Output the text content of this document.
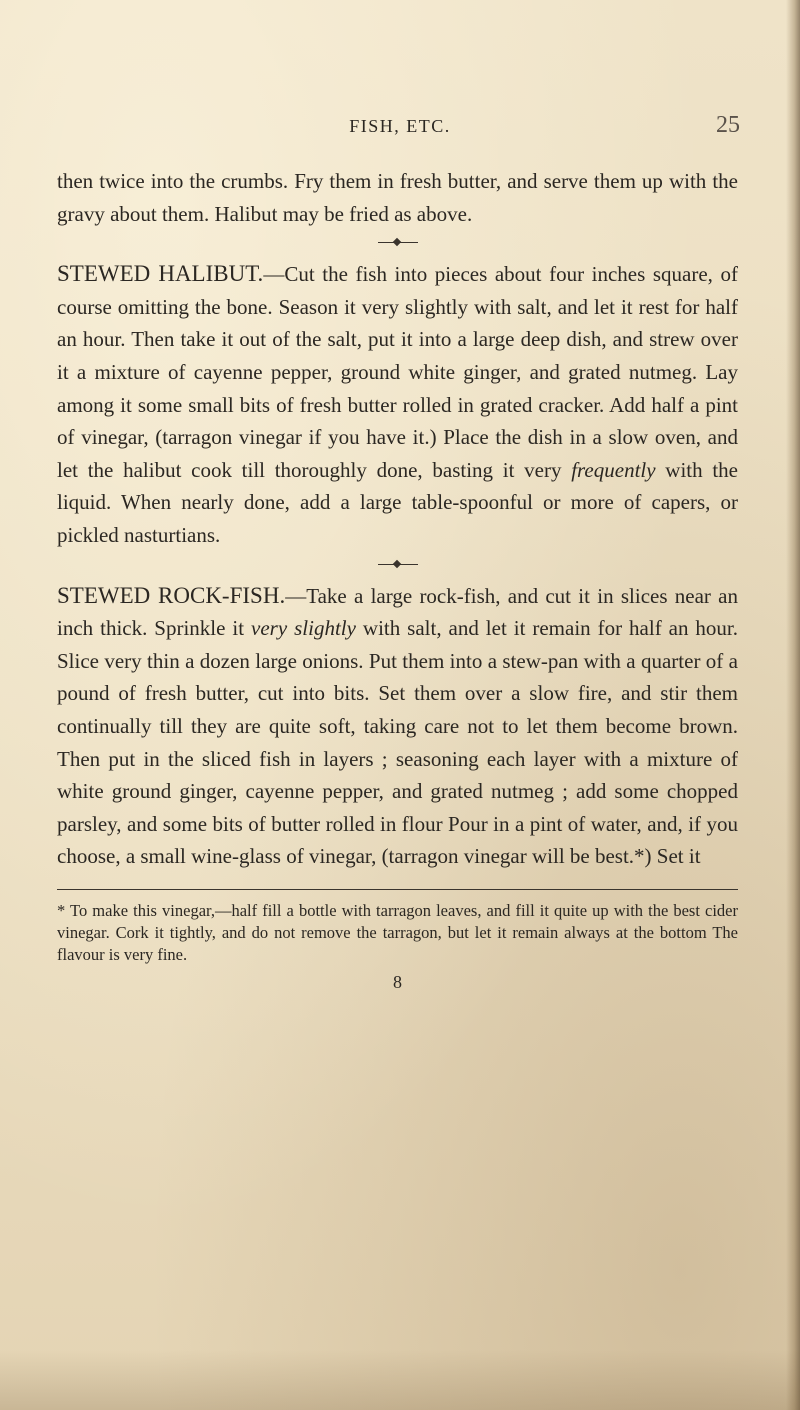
FISH, ETC.	25

then twice into the crumbs. Fry them in fresh butter, and serve them up with the gravy about them. Halibut may be fried as above.

STEWED HALIBUT.—Cut the fish into pieces about four inches square, of course omitting the bone. Season it very slightly with salt, and let it rest for half an hour. Then take it out of the salt, put it into a large deep dish, and strew over it a mixture of cayenne pepper, ground white ginger, and grated nutmeg. Lay among it some small bits of fresh butter rolled in grated cracker. Add half a pint of vinegar, (tarragon vinegar if you have it.) Place the dish in a slow oven, and let the halibut cook till thoroughly done, basting it very frequently with the liquid. When nearly done, add a large table-spoonful or more of capers, or pickled nasturtians.

STEWED ROCK-FISH.—Take a large rock-fish, and cut it in slices near an inch thick. Sprinkle it very slightly with salt, and let it remain for half an hour. Slice very thin a dozen large onions. Put them into a stew-pan with a quarter of a pound of fresh butter, cut into bits. Set them over a slow fire, and stir them continually till they are quite soft, taking care not to let them become brown. Then put in the sliced fish in layers ; seasoning each layer with a mixture of white ground ginger, cayenne pepper, and grated nutmeg ; add some chopped parsley, and some bits of butter rolled in flour Pour in a pint of water, and, if you choose, a small wine-glass of vinegar, (tarragon vinegar will be best.*) Set it

* To make this vinegar,—half fill a bottle with tarragon leaves, and fill it quite up with the best cider vinegar. Cork it tightly, and do not remove the tarragon, but let it remain always at the bottom The flavour is very fine.

8
